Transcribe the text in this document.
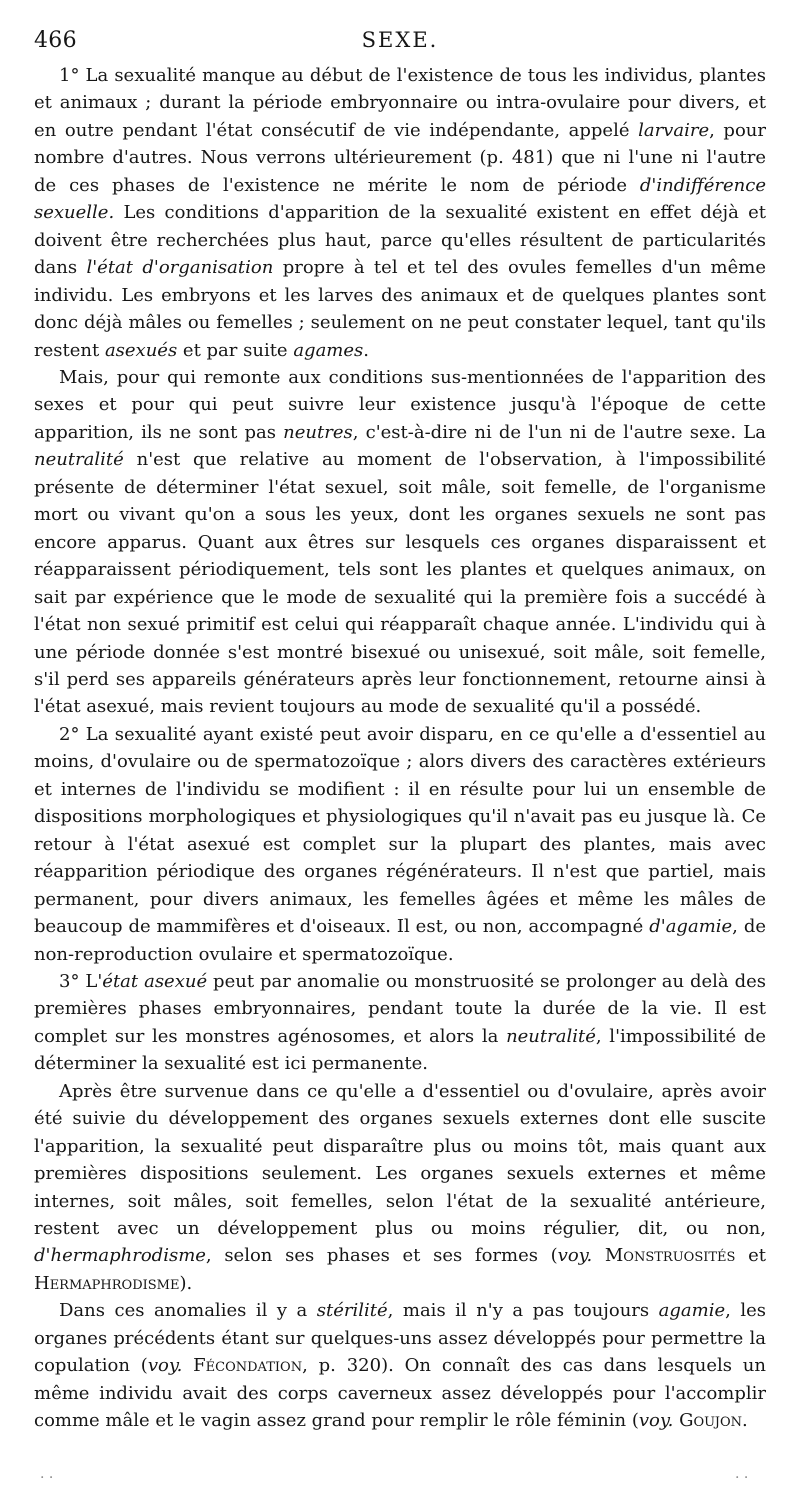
466	SEXE.

1° La sexualité manque au début de l'existence de tous les individus, plantes et animaux ; durant la période embryonnaire ou intra-ovulaire pour divers, et en outre pendant l'état consécutif de vie indépendante, appelé larvaire, pour nombre d'autres. Nous verrons ultérieurement (p. 481) que ni l'une ni l'autre de ces phases de l'existence ne mérite le nom de période d'indifférence sexuelle. Les conditions d'apparition de la sexualité existent en effet déjà et doivent être recherchées plus haut, parce qu'elles résultent de particularités dans l'état d'organisation propre à tel et tel des ovules femelles d'un même individu. Les embryons et les larves des animaux et de quelques plantes sont donc déjà mâles ou femelles ; seulement on ne peut constater lequel, tant qu'ils restent asexués et par suite agames.

Mais, pour qui remonte aux conditions sus-mentionnées de l'apparition des sexes et pour qui peut suivre leur existence jusqu'à l'époque de cette apparition, ils ne sont pas neutres, c'est-à-dire ni de l'un ni de l'autre sexe. La neutralité n'est que relative au moment de l'observation, à l'impossibilité présente de déterminer l'état sexuel, soit mâle, soit femelle, de l'organisme mort ou vivant qu'on a sous les yeux, dont les organes sexuels ne sont pas encore apparus. Quant aux êtres sur lesquels ces organes disparaissent et réapparaissent périodiquement, tels sont les plantes et quelques animaux, on sait par expérience que le mode de sexualité qui la première fois a succédé à l'état non sexué primitif est celui qui réapparaît chaque année. L'individu qui à une période donnée s'est montré bisexué ou unisexué, soit mâle, soit femelle, s'il perd ses appareils générateurs après leur fonctionnement, retourne ainsi à l'état asexué, mais revient toujours au mode de sexualité qu'il a possédé.

2° La sexualité ayant existé peut avoir disparu, en ce qu'elle a d'essentiel au moins, d'ovulaire ou de spermatozoïque ; alors divers des caractères extérieurs et internes de l'individu se modifient : il en résulte pour lui un ensemble de dispositions morphologiques et physiologiques qu'il n'avait pas eu jusque là. Ce retour à l'état asexué est complet sur la plupart des plantes, mais avec réapparition périodique des organes régénérateurs. Il n'est que partiel, mais permanent, pour divers animaux, les femelles âgées et même les mâles de beaucoup de mammifères et d'oiseaux. Il est, ou non, accompagné d'agamie, de non-reproduction ovulaire et spermatozoïque.

3° L'état asexué peut par anomalie ou monstruosité se prolonger au delà des premières phases embryonnaires, pendant toute la durée de la vie. Il est complet sur les monstres agénosomes, et alors la neutralité, l'impossibilité de déterminer la sexualité est ici permanente.

Après être survenue dans ce qu'elle a d'essentiel ou d'ovulaire, après avoir été suivie du développement des organes sexuels externes dont elle suscite l'apparition, la sexualité peut disparaître plus ou moins tôt, mais quant aux premières dispositions seulement. Les organes sexuels externes et même internes, soit mâles, soit femelles, selon l'état de la sexualité antérieure, restent avec un développement plus ou moins régulier, dit, ou non, d'hermaphrodisme, selon ses phases et ses formes (voy. Monstruosités et Hermaphrodisme).

Dans ces anomalies il y a stérilité, mais il n'y a pas toujours agamie, les organes précédents étant sur quelques-uns assez développés pour permettre la copulation (voy. Fécondation, p. 320). On connaît des cas dans lesquels un même individu avait des corps caverneux assez développés pour l'accomplir comme mâle et le vagin assez grand pour remplir le rôle féminin (voy. Goujon.

· ·	· ·
